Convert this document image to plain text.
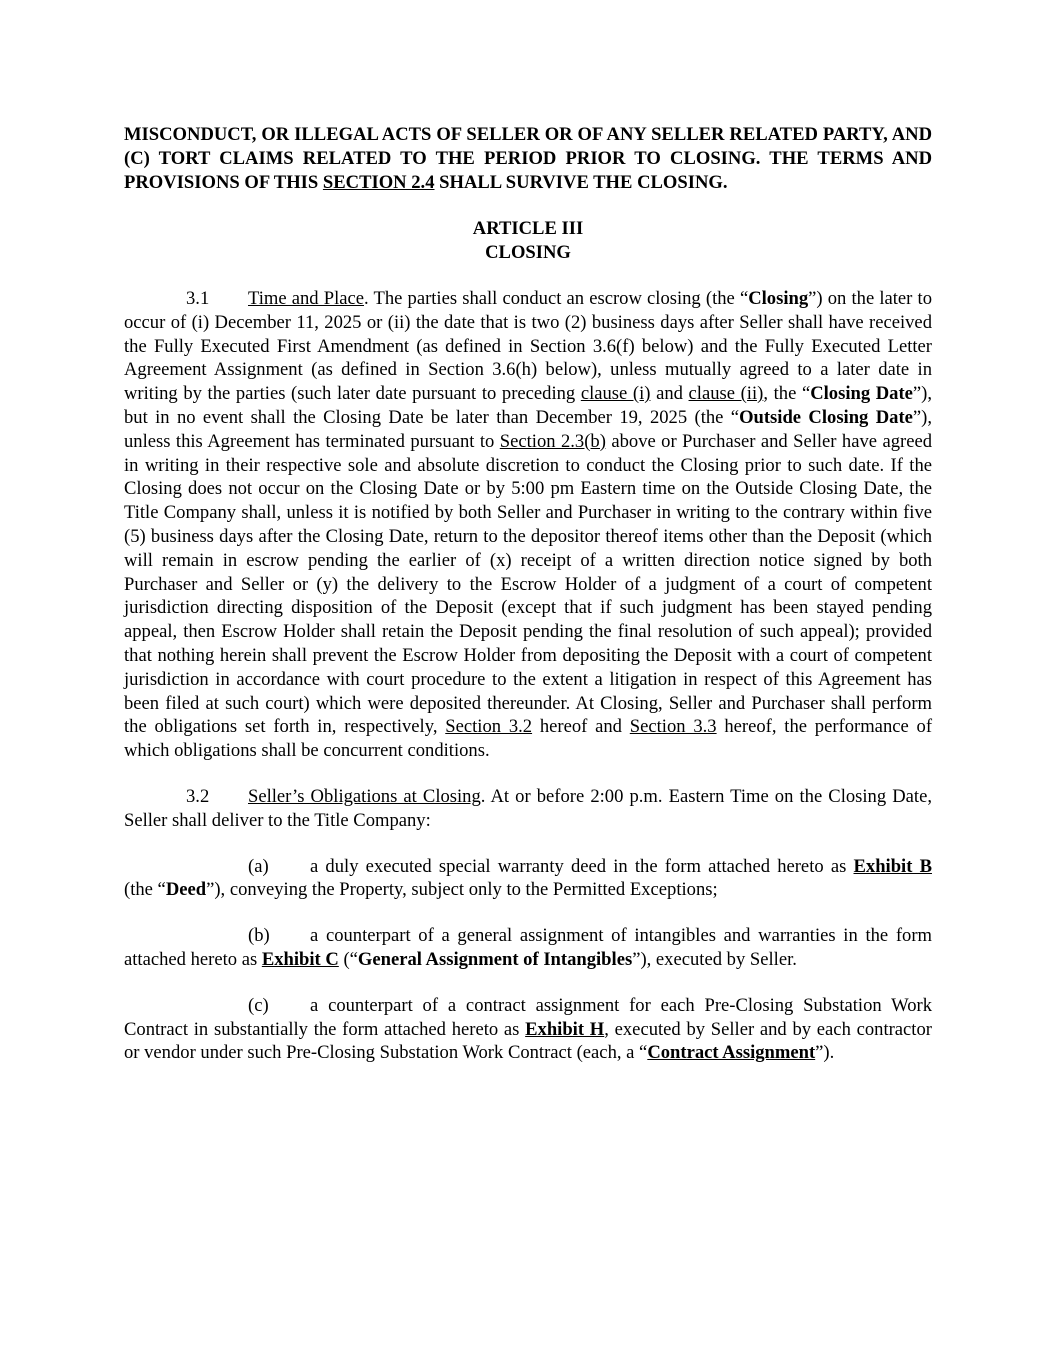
MISCONDUCT, OR ILLEGAL ACTS OF SELLER OR OF ANY SELLER RELATED PARTY, AND (C) TORT CLAIMS RELATED TO THE PERIOD PRIOR TO CLOSING. THE TERMS AND PROVISIONS OF THIS SECTION 2.4 SHALL SURVIVE THE CLOSING.

ARTICLE III

CLOSING

3.1 Time and Place. The parties shall conduct an escrow closing (the “Closing”) on the later to occur of (i) December 11, 2025 or (ii) the date that is two (2) business days after Seller shall have received the Fully Executed First Amendment (as defined in Section 3.6(f) below) and the Fully Executed Letter Agreement Assignment (as defined in Section 3.6(h) below), unless mutually agreed to a later date in writing by the parties (such later date pursuant to preceding clause (i) and clause (ii), the “Closing Date”), but in no event shall the Closing Date be later than December 19, 2025 (the “Outside Closing Date”), unless this Agreement has terminated pursuant to Section 2.3(b) above or Purchaser and Seller have agreed in writing in their respective sole and absolute discretion to conduct the Closing prior to such date. If the Closing does not occur on the Closing Date or by 5:00 pm Eastern time on the Outside Closing Date, the Title Company shall, unless it is notified by both Seller and Purchaser in writing to the contrary within five (5) business days after the Closing Date, return to the depositor thereof items other than the Deposit (which will remain in escrow pending the earlier of (x) receipt of a written direction notice signed by both Purchaser and Seller or (y) the delivery to the Escrow Holder of a judgment of a court of competent jurisdiction directing disposition of the Deposit (except that if such judgment has been stayed pending appeal, then Escrow Holder shall retain the Deposit pending the final resolution of such appeal); provided that nothing herein shall prevent the Escrow Holder from depositing the Deposit with a court of competent jurisdiction in accordance with court procedure to the extent a litigation in respect of this Agreement has been filed at such court) which were deposited thereunder. At Closing, Seller and Purchaser shall perform the obligations set forth in, respectively, Section 3.2 hereof and Section 3.3 hereof, the performance of which obligations shall be concurrent conditions.

3.2 Seller’s Obligations at Closing. At or before 2:00 p.m. Eastern Time on the Closing Date, Seller shall deliver to the Title Company:

(a) a duly executed special warranty deed in the form attached hereto as Exhibit B (the “Deed”), conveying the Property, subject only to the Permitted Exceptions;

(b) a counterpart of a general assignment of intangibles and warranties in the form attached hereto as Exhibit C (“General Assignment of Intangibles”), executed by Seller.

(c) a counterpart of a contract assignment for each Pre-Closing Substation Work Contract in substantially the form attached hereto as Exhibit H, executed by Seller and by each contractor or vendor under such Pre-Closing Substation Work Contract (each, a “Contract Assignment”).
